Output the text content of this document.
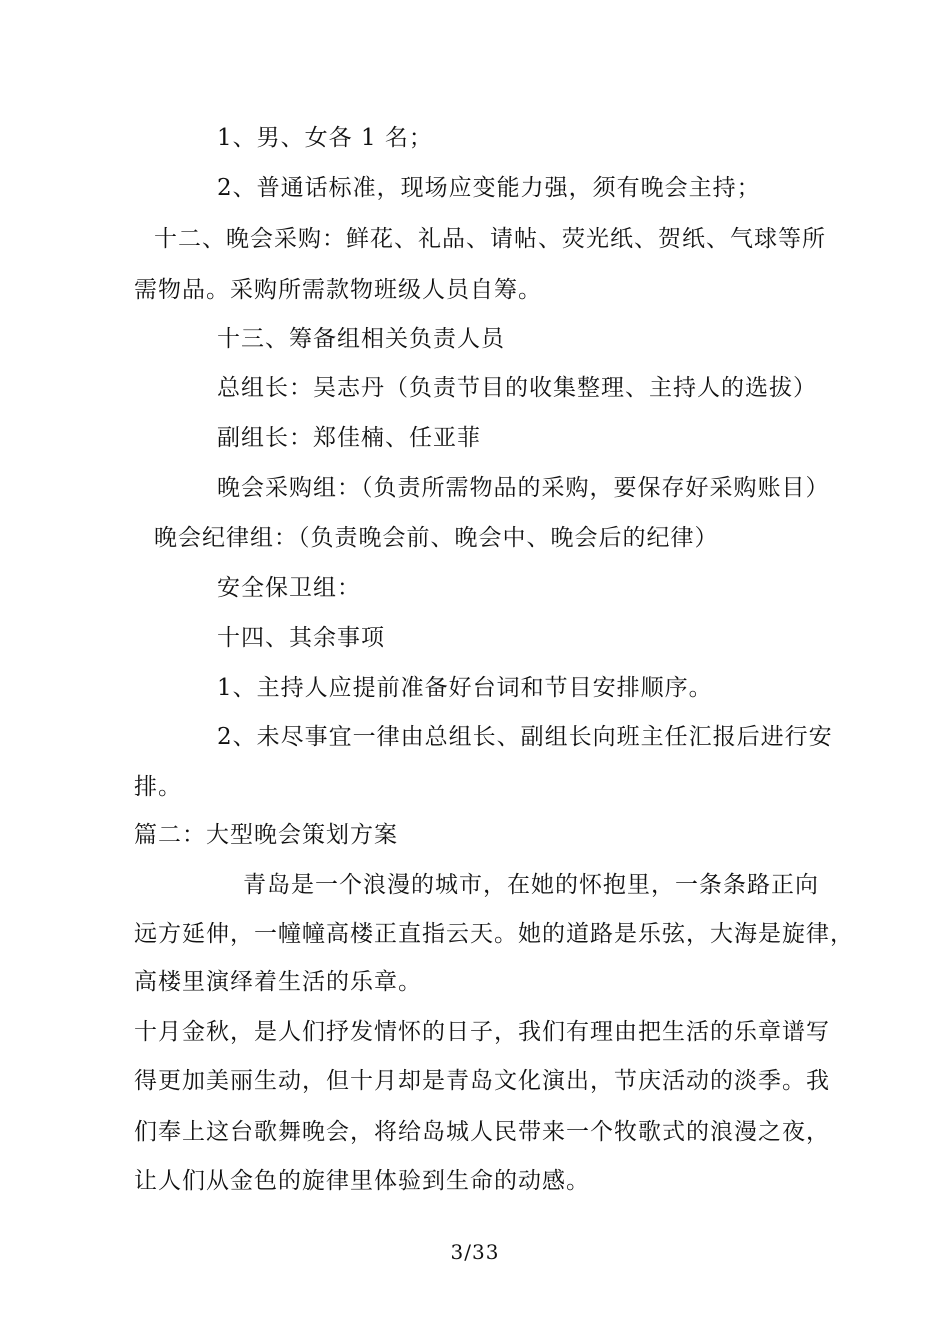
1、男、女各 1 名；
2、普通话标准，现场应变能力强，须有晚会主持；
十二、晚会采购：鲜花、礼品、请帖、荧光纸、贺纸、气球等所
需物品。采购所需款物班级人员自筹。
十三、筹备组相关负责人员
总组长：吴志丹（负责节目的收集整理、主持人的选拔）
副组长：郑佳楠、任亚菲
晚会采购组：（负责所需物品的采购，要保存好采购账目）
晚会纪律组：（负责晚会前、晚会中、晚会后的纪律）
安全保卫组：
十四、其余事项
1、主持人应提前准备好台词和节目安排顺序。
2、未尽事宜一律由总组长、副组长向班主任汇报后进行安
排。
篇二：大型晚会策划方案
青岛是一个浪漫的城市，在她的怀抱里，一条条路正向
远方延伸，一幢幢高楼正直指云天。她的道路是乐弦，大海是旋律，
高楼里演绎着生活的乐章。
十月金秋，是人们抒发情怀的日子，我们有理由把生活的乐章谱写
得更加美丽生动，但十月却是青岛文化演出，节庆活动的淡季。我
们奉上这台歌舞晚会，将给岛城人民带来一个牧歌式的浪漫之夜，
让人们从金色的旋律里体验到生命的动感。
3/33
